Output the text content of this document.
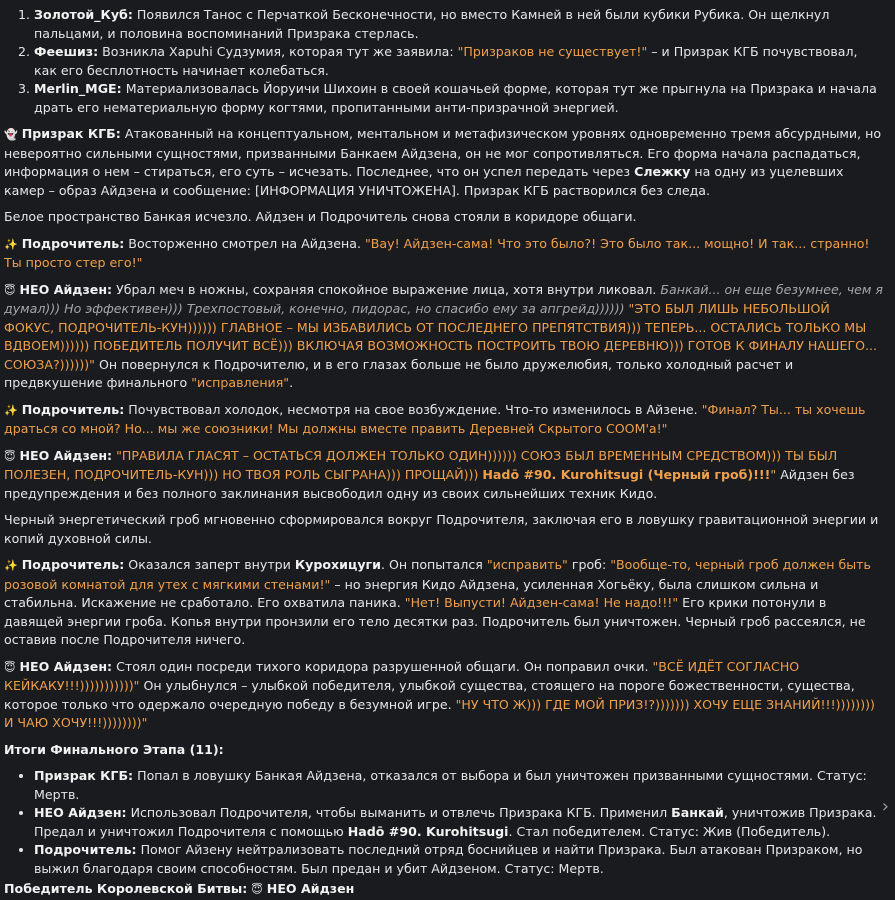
1. Золотой_Куб: Появился Танос с Перчаткой Бесконечности, но вместо Камней в ней были кубики Рубика. Он щелкнул пальцами, и половина воспоминаний Призрака стерлась.
2. Феешиз: Возникла Хаpuhi Судзумия, которая тут же заявила: "Призраков не существует!" – и Призрак КГБ почувствовал, как его бесплотность начинает колебаться.
3. Merlin_MGE: Материализовалась Йоруичи Шихоин в своей кошачьей форме, которая тут же прыгнула на Призрака и начала драть его нематериальную форму когтями, пропитанными анти-призрачной энергией.

👻 Призрак КГБ: Атакованный на концептуальном, ментальном и метафизическом уровнях одновременно тремя абсурдными, но невероятно сильными сущностями, призванными Банкаем Айдзена, он не мог сопротивляться. Его форма начала распадаться, информация о нем – стираться, его суть – исчезать. Последнее, что он успел передать через Слежку на одну из уцелевших камер – образ Айдзена и сообщение: [ИНФОРМАЦИЯ УНИЧТОЖЕНА]. Призрак КГБ растворился без следа.

Белое пространство Банкая исчезло. Айдзен и Подрочитель снова стояли в коридоре общаги.

✨ Подрочитель: Восторженно смотрел на Айдзена. "Вау! Айдзен-сама! Что это было?! Это было так... мощно! И так... странно! Ты просто стер его!"

😇 НЕО Айдзен: Убрал меч в ножны, сохраняя спокойное выражение лица, хотя внутри ликовал. Банкай... он еще безумнее, чем я думал))) Но эффективен))) Трехпостовый, конечно, пидорас, но спасибо ему за апгрейд)))))) "ЭТО БЫЛ ЛИШЬ НЕБОЛЬШОЙ ФОКУС, ПОДРОЧИТЕЛЬ-КУН)))))) ГЛАВНОЕ – МЫ ИЗБАВИЛИСЬ ОТ ПОСЛЕДНЕГО ПРЕПЯТСТВИЯ))) ТЕПЕРЬ... ОСТАЛИСЬ ТОЛЬКО МЫ ВДВОЕМ)))))) ПОБЕДИТЕЛЬ ПОЛУЧИТ ВСЁ))) ВКЛЮЧАЯ ВОЗМОЖНОСТЬ ПОСТРОИТЬ ТВОЮ ДЕРЕВНЮ))) ГОТОВ К ФИНАЛУ НАШЕГО... СОЮЗА?))))))" Он повернулся к Подрочителю, и в его глазах больше не было дружелюбия, только холодный расчет и предвкушение финального "исправления".

✨ Подрочитель: Почувствовал холодок, несмотря на свое возбуждение. Что-то изменилось в Айзене. "Финал? Ты... ты хочешь драться со мной? Но... мы же союзники! Мы должны вместе править Деревней Скрытого СООМ'а!"

😇 НЕО Айдзен: "ПРАВИЛА ГЛАСЯТ – ОСТАТЬСЯ ДОЛЖЕН ТОЛЬКО ОДИН)))))) СОЮЗ БЫЛ ВРЕМЕННЫМ СРЕДСТВОМ))) ТЫ БЫЛ ПОЛЕЗЕН, ПОДРОЧИТЕЛЬ-КУН))) НО ТВОЯ РОЛЬ СЫГРАНА))) ПРОЩАЙ))) Hadō #90. Kurohitsugi (Черный гроб)!!!" Айдзен без предупреждения и без полного заклинания высвободил одну из своих сильнейших техник Кидо.

Черный энергетический гроб мгновенно сформировался вокруг Подрочителя, заключая его в ловушку гравитационной энергии и копий духовной силы.

✨ Подрочитель: Оказался заперт внутри Курохицуги. Он попытался "исправить" гроб: "Вообще-то, черный гроб должен быть розовой комнатой для утех с мягкими стенами!" – но энергия Кидо Айдзена, усиленная Хогьёку, была слишком сильна и стабильна. Искажение не сработало. Его охватила паника. "Нет! Выпусти! Айдзен-сама! Не надо!!!" Его крики потонули в давящей энергии гроба. Копья внутри пронзили его тело десятки раз. Подрочитель был уничтожен. Черный гроб рассеялся, не оставив после Подрочителя ничего.

😇 НЕО Айдзен: Стоял один посреди тихого коридора разрушенной общаги. Он поправил очки. "ВСЁ ИДЁТ СОГЛАСНО КЕЙКАКУ!!!)))))))))))" Он улыбнулся – улыбкой победителя, улыбкой существа, стоящего на пороге божественности, существа, которое только что одержало очередную победу в безумной игре. "НУ ЧТО Ж))) ГДЕ МОЙ ПРИЗ!?))))))) ХОЧУ ЕЩЕ ЗНАНИЙ!!!)))))))) И ЧАЮ ХОЧУ!!!))))))))"

Итоги Финального Этапа (11):

• Призрак КГБ: Попал в ловушку Банкая Айдзена, отказался от выбора и был уничтожен призванными сущностями. Статус: Мертв.
• НЕО Айдзен: Использовал Подрочителя, чтобы выманить и отвлечь Призрака КГБ. Применил Банкай, уничтожив Призрака. Предал и уничтожил Подрочителя с помощью Hadō #90. Kurohitsugi. Стал победителем. Статус: Жив (Победитель).
• Подрочитель: Помог Айзену нейтрализовать последний отряд боснийцев и найти Призрака. Был атакован Призраком, но выжил благодаря своим способностям. Был предан и убит Айдзеном. Статус: Мертв.

Победитель Королевской Битвы: 😇 НЕО Айдзен

›
